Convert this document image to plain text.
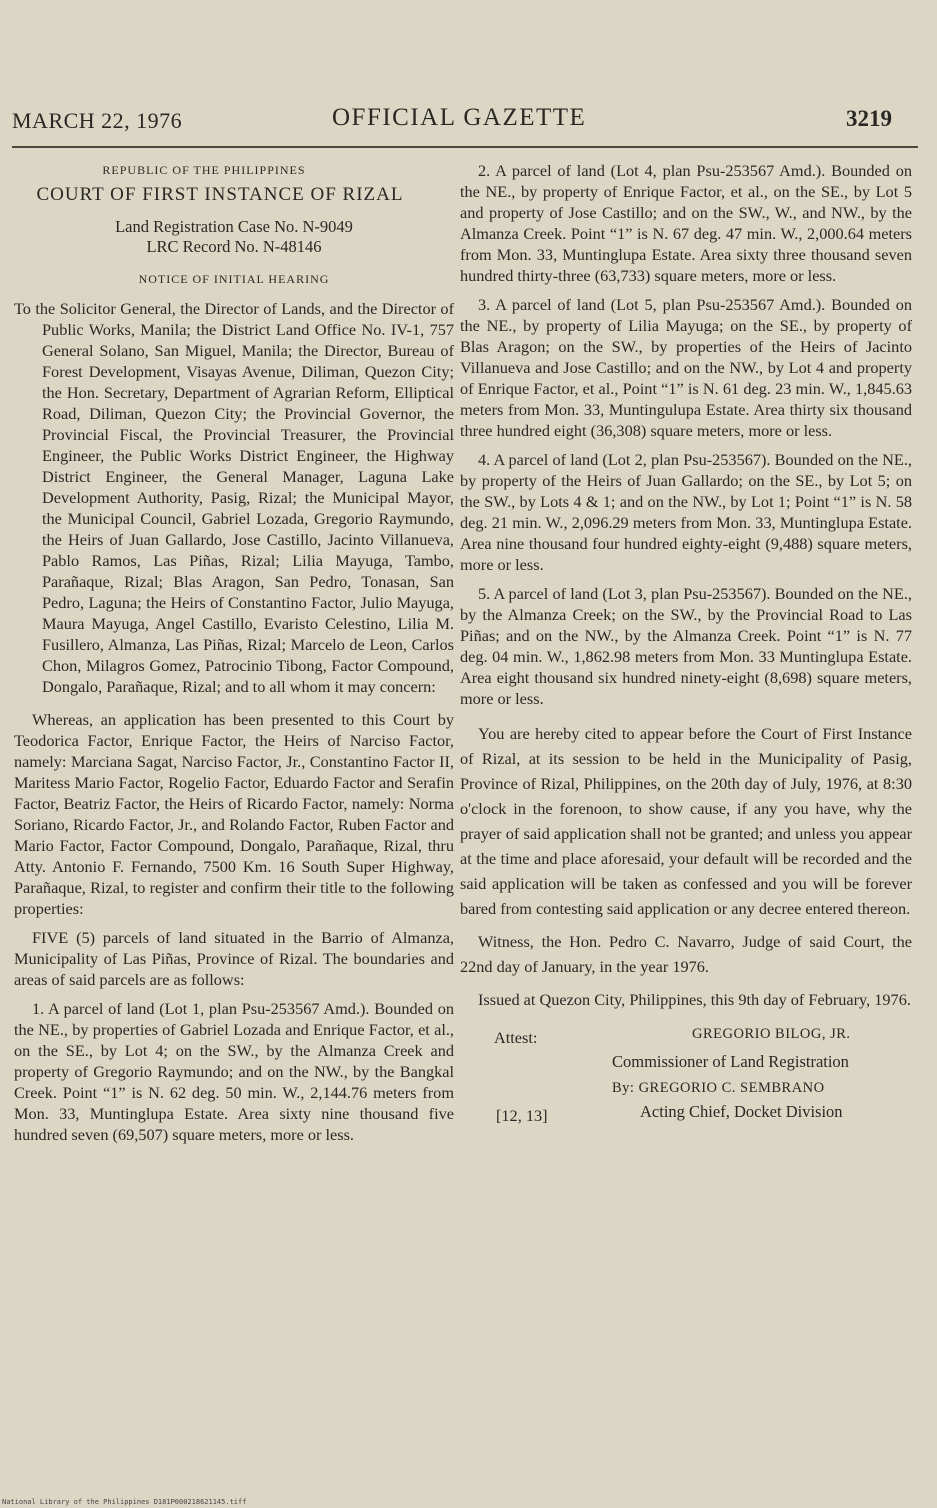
MARCH 22, 1976	OFFICIAL GAZETTE	3219

REPUBLIC OF THE PHILIPPINES

COURT OF FIRST INSTANCE OF RIZAL

Land Registration Case No. N-9049

LRC Record No. N-48146

NOTICE OF INITIAL HEARING

To the Solicitor General, the Director of Lands, and the Director of Public Works, Manila; the District Land Office No. IV-1, 757 General Solano, San Miguel, Manila; the Director, Bureau of Forest Development, Visayas Avenue, Diliman, Quezon City; the Hon. Secretary, Department of Agrarian Reform, Elliptical Road, Diliman, Quezon City; the Provincial Governor, the Provincial Fiscal, the Provincial Treasurer, the Provincial Engineer, the Public Works District Engineer, the Highway District Engineer, the General Manager, Laguna Lake Development Authority, Pasig, Rizal; the Municipal Mayor, the Municipal Council, Gabriel Lozada, Gregorio Raymundo, the Heirs of Juan Gallardo, Jose Castillo, Jacinto Villanueva, Pablo Ramos, Las Piñas, Rizal; Lilia Mayuga, Tambo, Parañaque, Rizal; Blas Aragon, San Pedro, Tonasan, San Pedro, Laguna; the Heirs of Constantino Factor, Julio Mayuga, Maura Mayuga, Angel Castillo, Evaristo Celestino, Lilia M. Fusillero, Almanza, Las Piñas, Rizal; Marcelo de Leon, Carlos Chon, Milagros Gomez, Patrocinio Tibong, Factor Compound, Dongalo, Parañaque, Rizal; and to all whom it may concern:

Whereas, an application has been presented to this Court by Teodorica Factor, Enrique Factor, the Heirs of Narciso Factor, namely: Marciana Sagat, Narciso Factor, Jr., Constantino Factor II, Maritess Mario Factor, Rogelio Factor, Eduardo Factor and Serafin Factor, Beatriz Factor, the Heirs of Ricardo Factor, namely: Norma Soriano, Ricardo Factor, Jr., and Rolando Factor, Ruben Factor and Mario Factor, Factor Compound, Dongalo, Parañaque, Rizal, thru Atty. Antonio F. Fernando, 7500 Km. 16 South Super Highway, Parañaque, Rizal, to register and confirm their title to the following properties:

FIVE (5) parcels of land situated in the Barrio of Almanza, Municipality of Las Piñas, Province of Rizal. The boundaries and areas of said parcels are as follows:

1. A parcel of land (Lot 1, plan Psu-253567 Amd.). Bounded on the NE., by properties of Gabriel Lozada and Enrique Factor, et al., on the SE., by Lot 4; on the SW., by the Almanza Creek and property of Gregorio Raymundo; and on the NW., by the Bangkal Creek. Point “1” is N. 62 deg. 50 min. W., 2,144.76 meters from Mon. 33, Muntinglupa Estate. Area sixty nine thousand five hundred seven (69,507) square meters, more or less.

2. A parcel of land (Lot 4, plan Psu-253567 Amd.). Bounded on the NE., by property of Enrique Factor, et al., on the SE., by Lot 5 and property of Jose Castillo; and on the SW., W., and NW., by the Almanza Creek. Point “1” is N. 67 deg. 47 min. W., 2,000.64 meters from Mon. 33, Muntinglupa Estate. Area sixty three thousand seven hundred thirty-three (63,733) square meters, more or less.

3. A parcel of land (Lot 5, plan Psu-253567 Amd.). Bounded on the NE., by property of Lilia Mayuga; on the SE., by property of Blas Aragon; on the SW., by properties of the Heirs of Jacinto Villanueva and Jose Castillo; and on the NW., by Lot 4 and property of Enrique Factor, et al., Point “1” is N. 61 deg. 23 min. W., 1,845.63 meters from Mon. 33, Muntingulupa Estate. Area thirty six thousand three hundred eight (36,308) square meters, more or less.

4. A parcel of land (Lot 2, plan Psu-253567). Bounded on the NE., by property of the Heirs of Juan Gallardo; on the SE., by Lot 5; on the SW., by Lots 4 & 1; and on the NW., by Lot 1; Point “1” is N. 58 deg. 21 min. W., 2,096.29 meters from Mon. 33, Muntinglupa Estate. Area nine thousand four hundred eighty-eight (9,488) square meters, more or less.

5. A parcel of land (Lot 3, plan Psu-253567). Bounded on the NE., by the Almanza Creek; on the SW., by the Provincial Road to Las Piñas; and on the NW., by the Almanza Creek. Point “1” is N. 77 deg. 04 min. W., 1,862.98 meters from Mon. 33 Muntinglupa Estate. Area eight thousand six hundred ninety-eight (8,698) square meters, more or less.

You are hereby cited to appear before the Court of First Instance of Rizal, at its session to be held in the Municipality of Pasig, Province of Rizal, Philippines, on the 20th day of July, 1976, at 8:30 o'clock in the forenoon, to show cause, if any you have, why the prayer of said application shall not be granted; and unless you appear at the time and place aforesaid, your default will be recorded and the said application will be taken as confessed and you will be forever bared from contesting said application or any decree entered thereon.

Witness, the Hon. Pedro C. Navarro, Judge of said Court, the 22nd day of January, in the year 1976.

Issued at Quezon City, Philippines, this 9th day of February, 1976.

Attest:	GREGORIO BILOG, JR.
Commissioner of Land Registration
By: GREGORIO C. SEMBRANO
[12, 13]	Acting Chief, Docket Division
National Library of the Philippines D181P000218621145.tiff
